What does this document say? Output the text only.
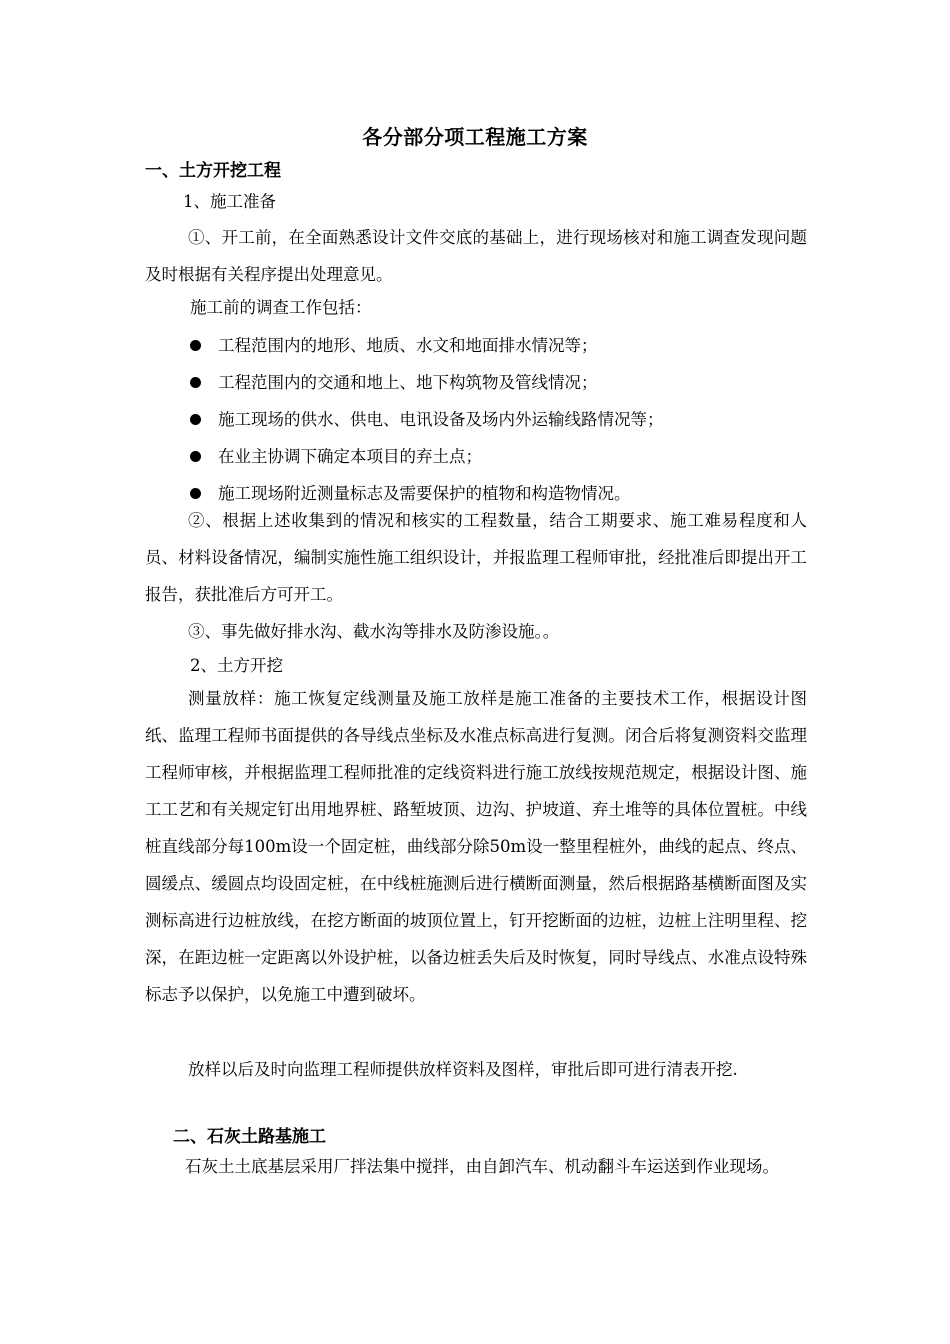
各分部分项工程施工方案
一、土方开挖工程
1、施工准备

①、开工前，在全面熟悉设计文件交底的基础上，进行现场核对和施工调查发现问题及时根据有关程序提出处理意见。

施工前的调查工作包括：
工程范围内的地形、地质、水文和地面排水情况等；
工程范围内的交通和地上、地下构筑物及管线情况；
施工现场的供水、供电、电讯设备及场内外运输线路情况等；
在业主协调下确定本项目的弃土点；
施工现场附近测量标志及需要保护的植物和构造物情况。

②、根据上述收集到的情况和核实的工程数量，结合工期要求、施工难易程度和人员、材料设备情况，编制实施性施工组织设计，并报监理工程师审批，经批准后即提出开工报告，获批准后方可开工。

③、事先做好排水沟、截水沟等排水及防渗设施。。

2、土方开挖

测量放样：施工恢复定线测量及施工放样是施工准备的主要技术工作，根据设计图纸、监理工程师书面提供的各导线点坐标及水准点标高进行复测。闭合后将复测资料交监理工程师审核，并根据监理工程师批准的定线资料进行施工放线按规范规定，根据设计图、施工工艺和有关规定钉出用地界桩、路堑坡顶、边沟、护坡道、弃土堆等的具体位置桩。中线桩直线部分每100m设一个固定桩，曲线部分除50m设一整里程桩外，曲线的起点、终点、圆缓点、缓圆点均设固定桩，在中线桩施测后进行横断面测量，然后根据路基横断面图及实测标高进行边桩放线，在挖方断面的坡顶位置上，钉开挖断面的边桩，边桩上注明里程、挖深，在距边桩一定距离以外设护桩，以备边桩丢失后及时恢复，同时导线点、水准点设特殊标志予以保护，以免施工中遭到破坏。

放样以后及时向监理工程师提供放样资料及图样，审批后即可进行清表开挖.

二、石灰土路基施工

石灰土土底基层采用厂拌法集中搅拌，由自卸汽车、机动翻斗车运送到作业现场。
